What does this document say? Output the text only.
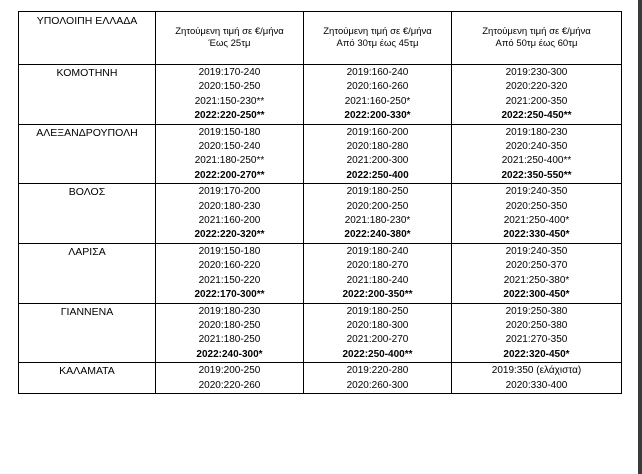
ΥΠΟΛΟΙΠΗ ΕΛΛΑΔΑ	Ζητούμενη τιμή σε €/μήνα
Έως 25τμ	Ζητούμενη τιμή σε €/μήνα
Από 30τμ έως 45τμ	Ζητούμενη τιμή σε €/μήνα
Από 50τμ έως 60τμ

ΚΟΜΟΤΗΝΗ	2019:170-240
2020:150-250
2021:150-230**
2022:220-250**	2019:160-240
2020:160-260
2021:160-250*
2022:200-330*	2019:230-300
2020:220-320
2021:200-350
2022:250-450**

ΑΛΕΞΑΝΔΡΟΥΠΟΛΗ	2019:150-180
2020:150-240
2021:180-250**
2022:200-270**	2019:160-200
2020:180-280
2021:200-300
2022:250-400	2019:180-230
2020:240-350
2021:250-400**
2022:350-550**

ΒΟΛΟΣ	2019:170-200
2020:180-230
2021:160-200
2022:220-320**	2019:180-250
2020:200-250
2021:180-230*
2022:240-380*	2019:240-350
2020:250-350
2021:250-400*
2022:330-450*

ΛΑΡΙΣΑ	2019:150-180
2020:160-220
2021:150-220
2022:170-300**	2019:180-240
2020:180-270
2021:180-240
2022:200-350**	2019:240-350
2020:250-370
2021:250-380*
2022:300-450*

ΓΙΑΝΝΕΝΑ	2019:180-230
2020:180-250
2021:180-250
2022:240-300*	2019:180-250
2020:180-300
2021:200-270
2022:250-400**	2019:250-380
2020:250-380
2021:270-350
2022:320-450*

ΚΑΛΑΜΑΤΑ	2019:200-250
2020:220-260	2019:220-280
2020:260-300	2019:350 (ελάχιστα)
2020:330-400
